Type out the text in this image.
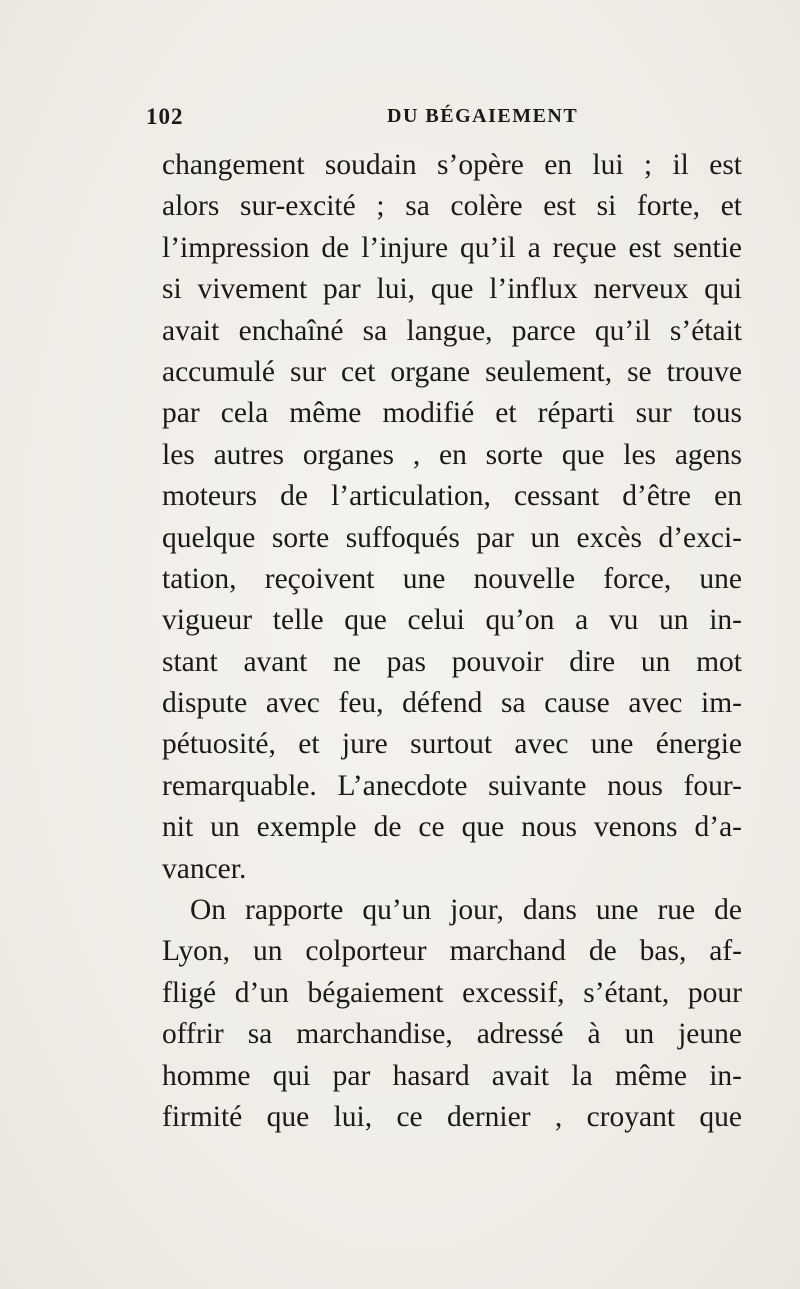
102	DU BÉGAIEMENT
changement soudain s’opère en lui ; il est
alors sur-excité ; sa colère est si forte, et
l’impression de l’injure qu’il a reçue est sentie
si vivement par lui, que l’influx nerveux qui
avait enchaîné sa langue, parce qu’il s’était
accumulé sur cet organe seulement, se trouve
par cela même modifié et réparti sur tous
les autres organes , en sorte que les agens
moteurs de l’articulation, cessant d’être en
quelque sorte suffoqués par un excès d’exci-
tation, reçoivent une nouvelle force, une
vigueur telle que celui qu’on a vu un in-
stant avant ne pas pouvoir dire un mot
dispute avec feu, défend sa cause avec im-
pétuosité, et jure surtout avec une énergie
remarquable. L’anecdote suivante nous four-
nit un exemple de ce que nous venons d’a-
vancer.
On rapporte qu’un jour, dans une rue de
Lyon, un colporteur marchand de bas, af-
fligé d’un bégaiement excessif, s’étant, pour
offrir sa marchandise, adressé à un jeune
homme qui par hasard avait la même in-
firmité que lui, ce dernier , croyant que
